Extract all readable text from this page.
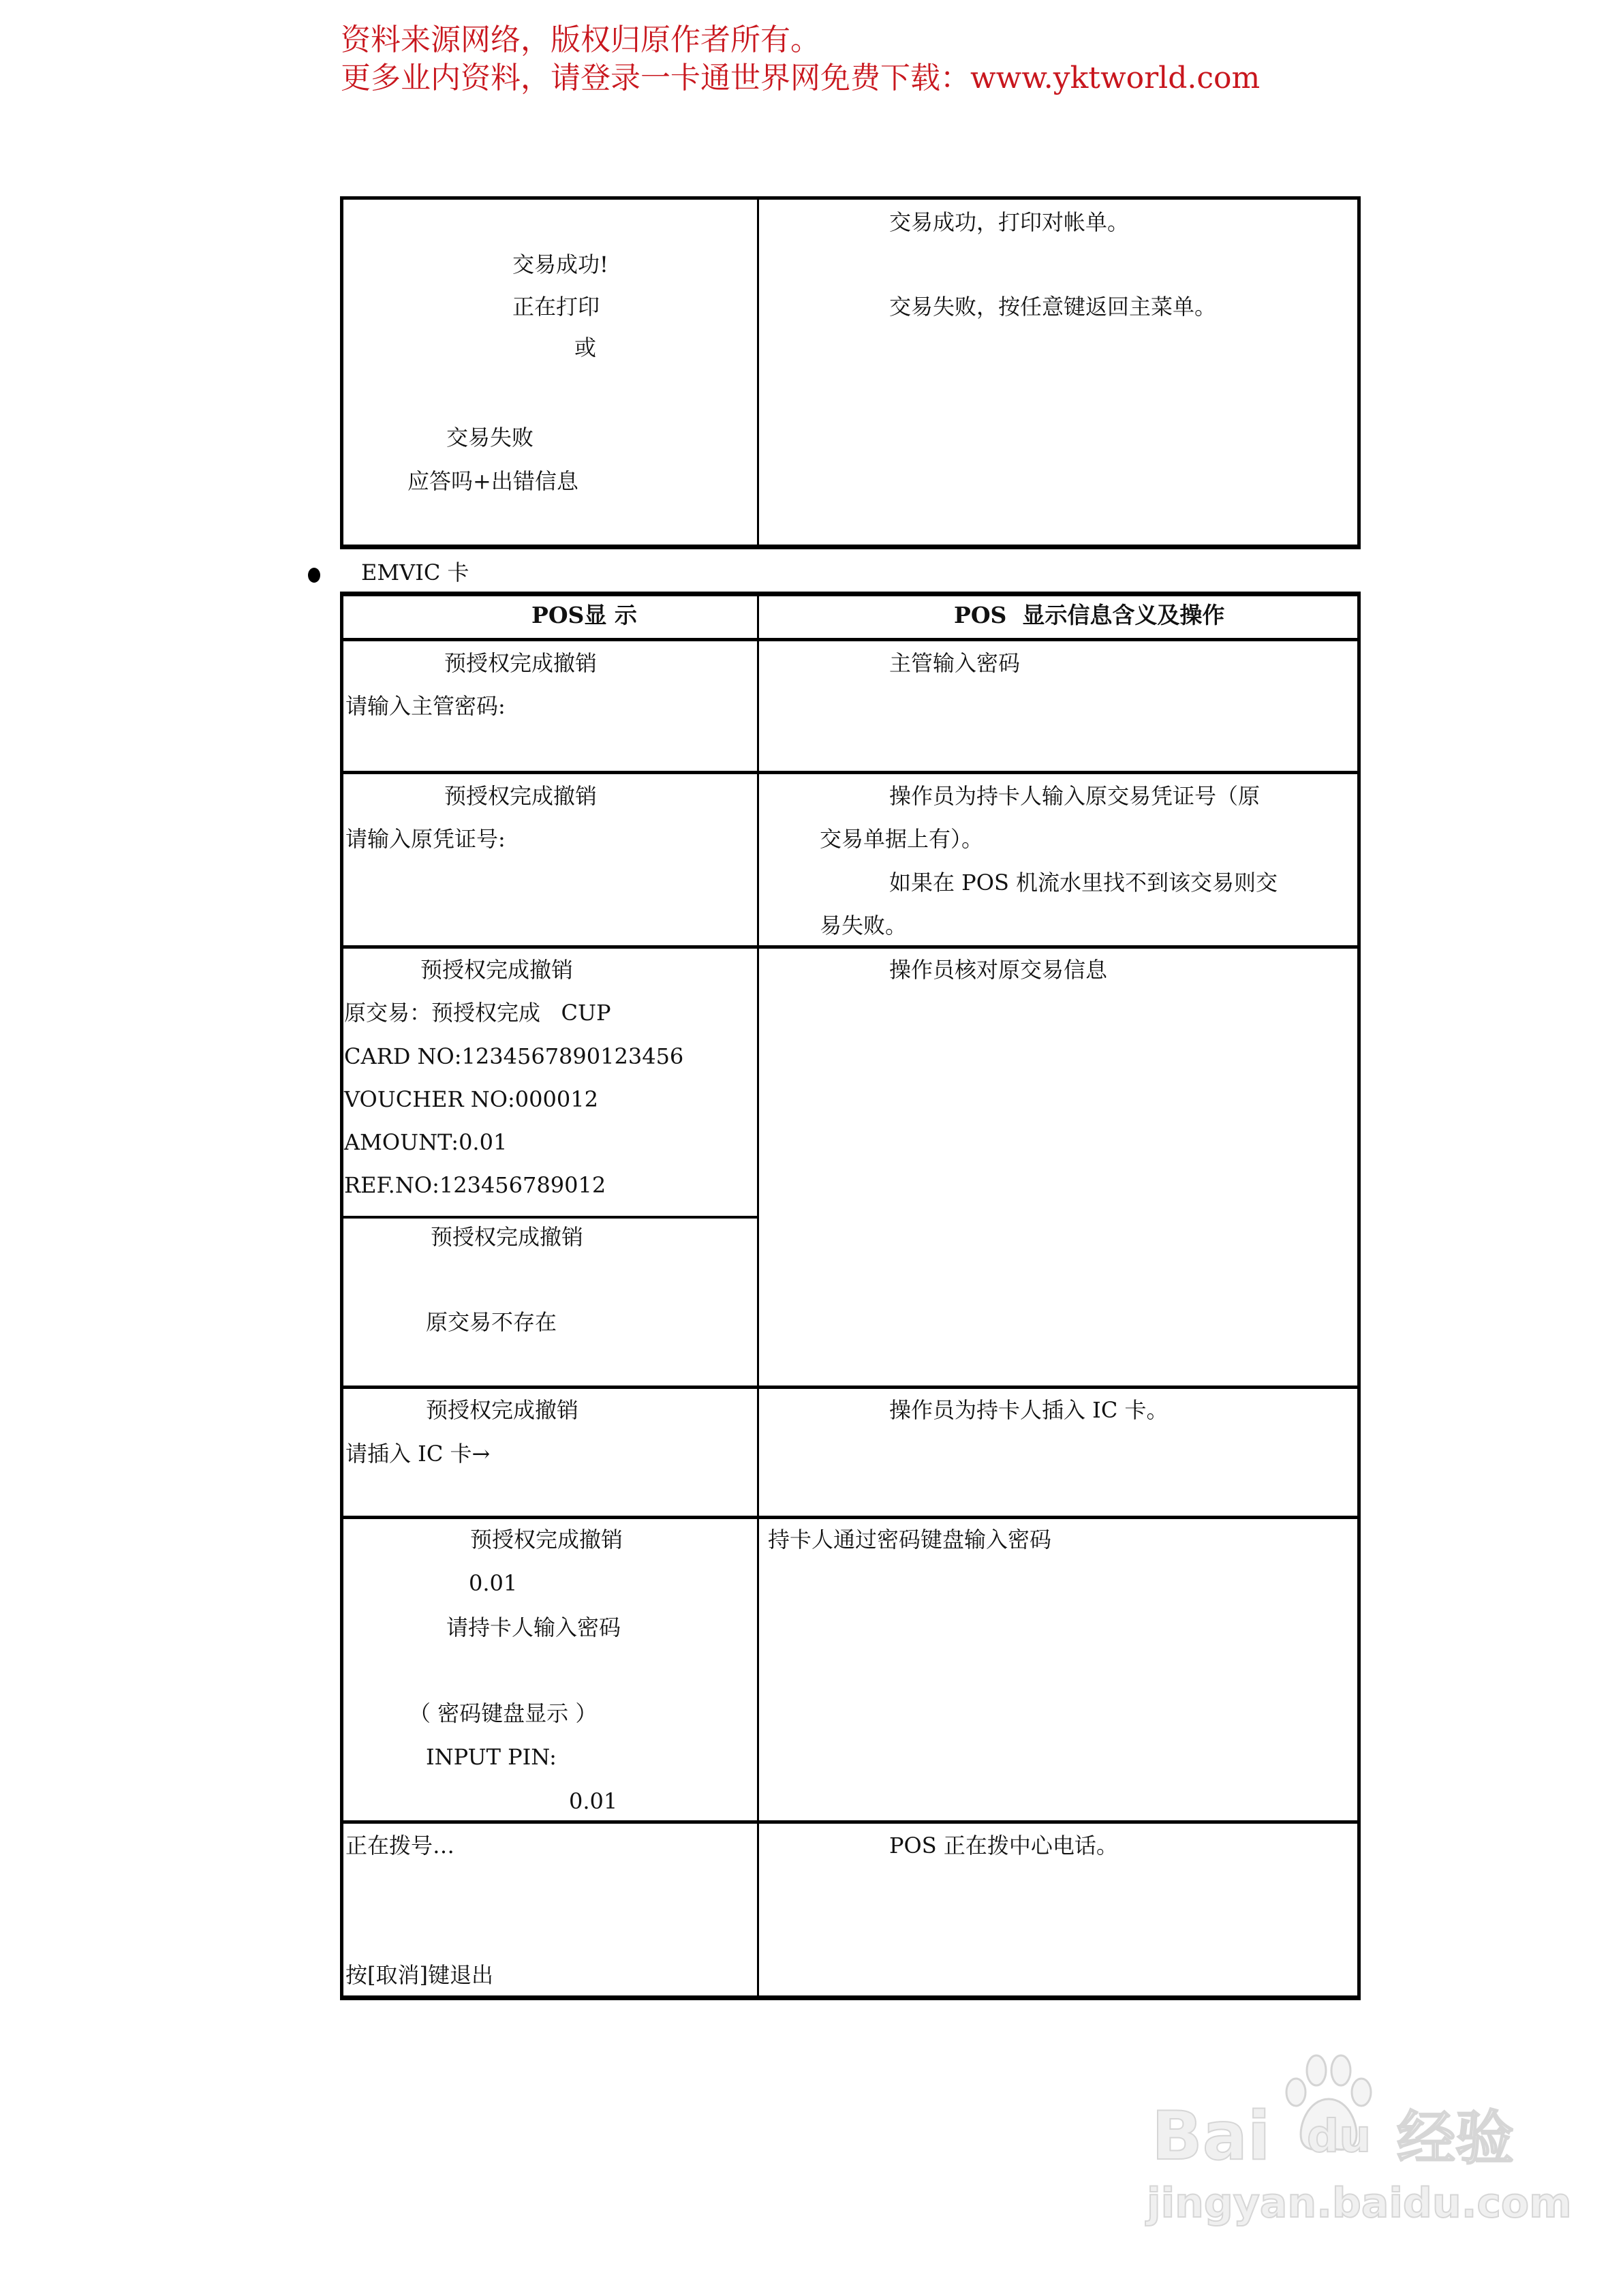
资料来源网络，版权归原作者所有。
更多业内资料，请登录一卡通世界网免费下载：www.yktworld.com
交易成功!
正在打印
或
交易失败
应答吗+出错信息
交易成功，打印对帐单。
交易失败，按任意键返回主菜单。
EMVIC 卡
POS显 示	POS  显示信息含义及操作
预授权完成撤销
请输入主管密码:
主管输入密码
预授权完成撤销
请输入原凭证号:
操作员为持卡人输入原交易凭证号（原
交易单据上有）。
如果在 POS 机流水里找不到该交易则交
易失败。
预授权完成撤销
原交易：预授权完成   CUP
CARD NO:1234567890123456
VOUCHER NO:000012
AMOUNT:0.01
REF.NO:123456789012
预授权完成撤销
原交易不存在
操作员核对原交易信息
预授权完成撤销
请插入 IC 卡→
操作员为持卡人插入 IC 卡。
预授权完成撤销
0.01
请持卡人输入密码
（ 密码键盘显示 ）
INPUT PIN:
0.01
持卡人通过密码键盘输入密码
正在拨号…
按[取消]键退出
POS 正在拨中心电话。
Bai du 经验
jingyan.baidu.com
